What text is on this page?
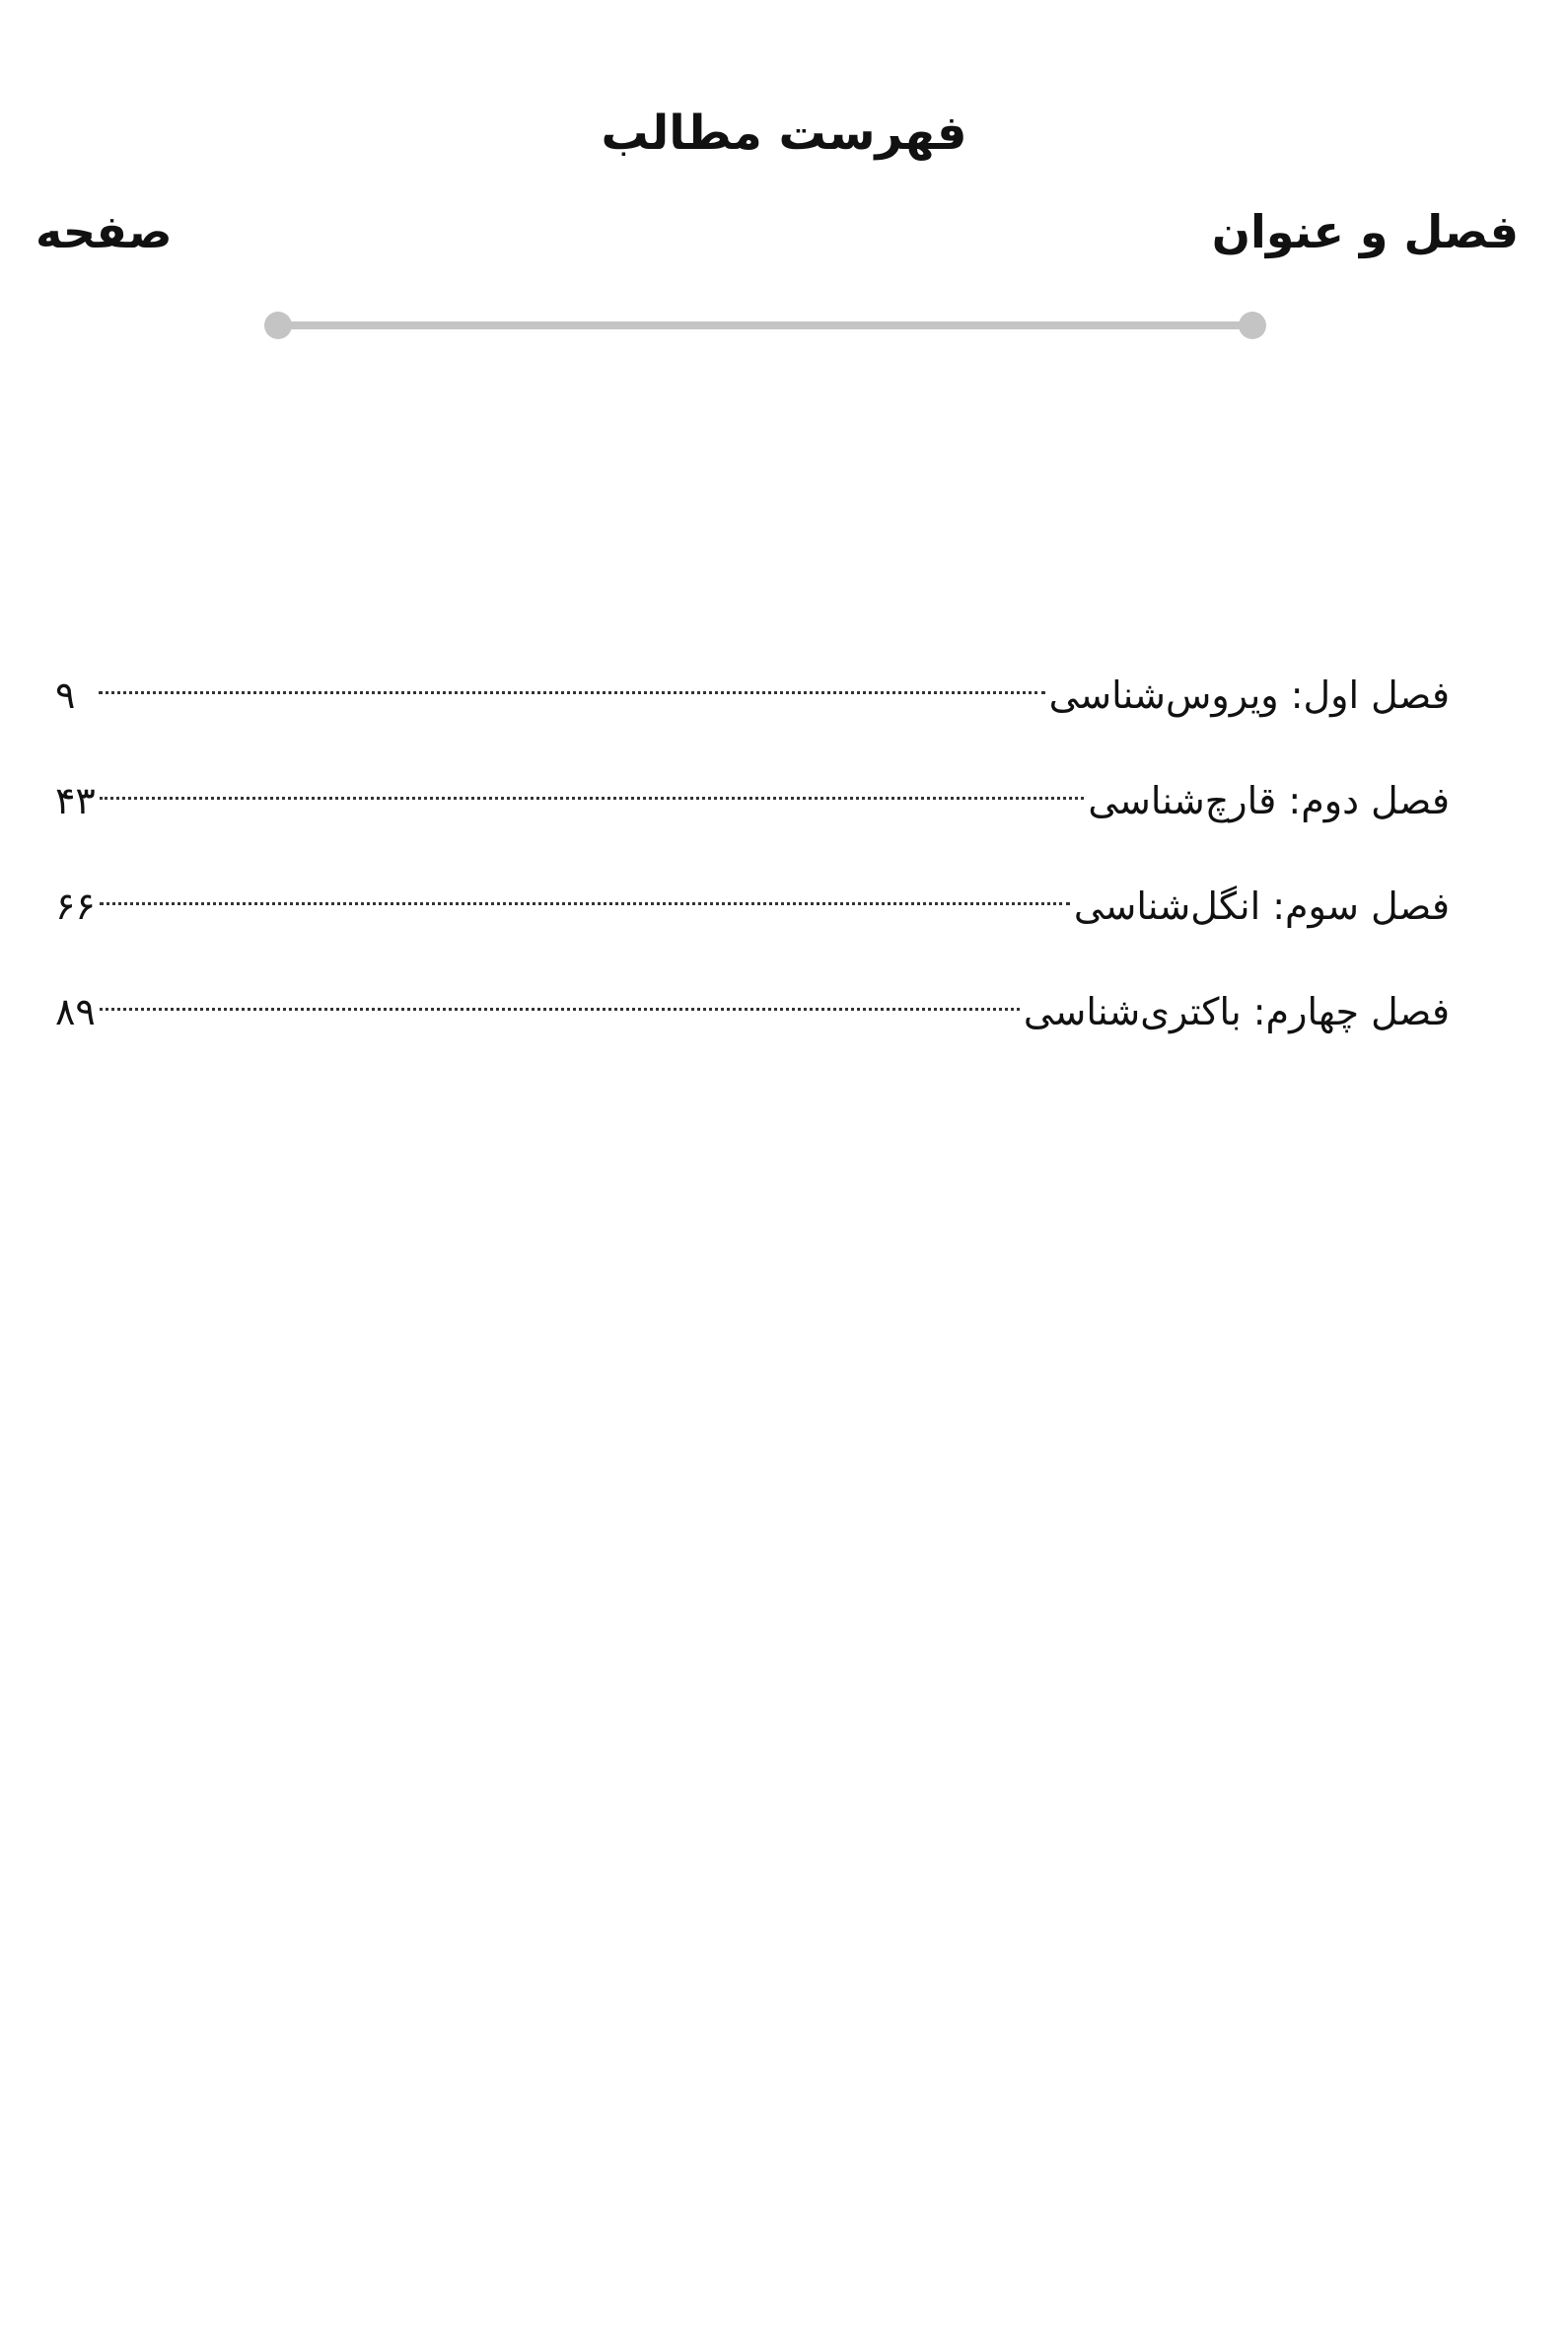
فهرست مطالب
فصل و عنوان
صفحه
فصل اول: ویروس‌شناسی
۹
فصل دوم: قارچ‌شناسی
۴۳
فصل سوم: انگل‌شناسی
۶۶
فصل چهارم: باکتری‌شناسی
۸۹
